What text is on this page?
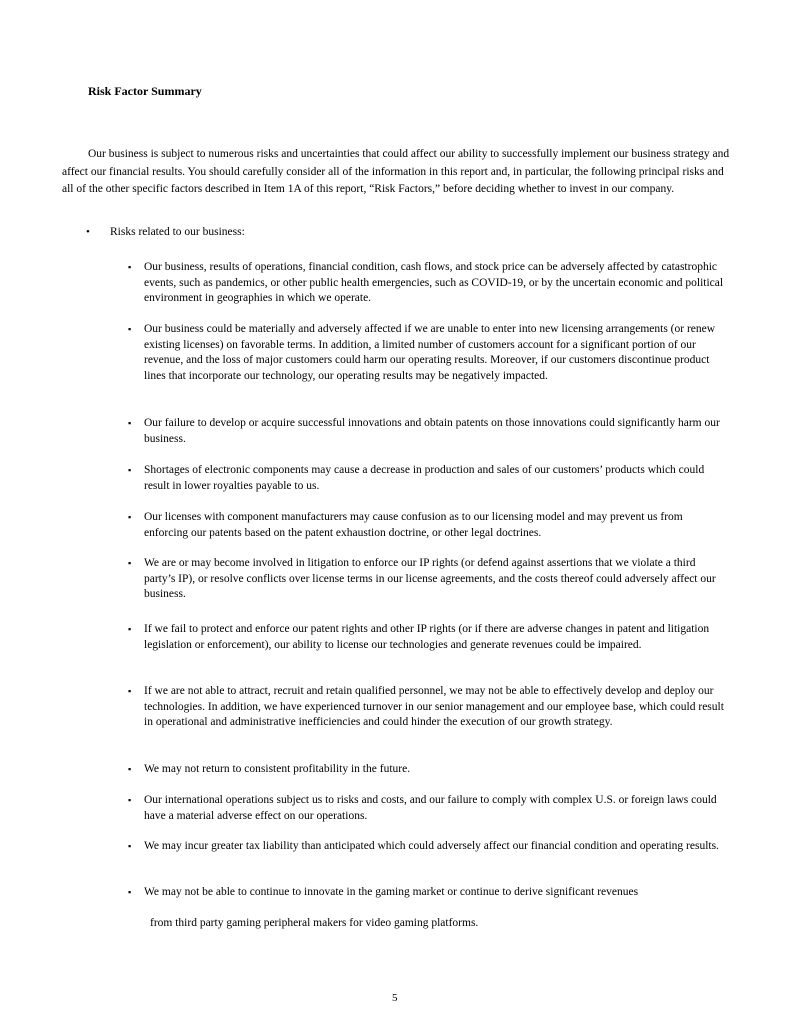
Risk Factor Summary

Our business is subject to numerous risks and uncertainties that could affect our ability to successfully implement our business strategy and affect our financial results. You should carefully consider all of the information in this report and, in particular, the following principal risks and all of the other specific factors described in Item 1A of this report, “Risk Factors,” before deciding whether to invest in our company.

• Risks related to our business:
▪ Our business, results of operations, financial condition, cash flows, and stock price can be adversely affected by catastrophic events, such as pandemics, or other public health emergencies, such as COVID-19, or by the uncertain economic and political environment in geographies in which we operate.
▪ Our business could be materially and adversely affected if we are unable to enter into new licensing arrangements (or renew existing licenses) on favorable terms. In addition, a limited number of customers account for a significant portion of our revenue, and the loss of major customers could harm our operating results. Moreover, if our customers discontinue product lines that incorporate our technology, our operating results may be negatively impacted.
▪ Our failure to develop or acquire successful innovations and obtain patents on those innovations could significantly harm our business.
▪ Shortages of electronic components may cause a decrease in production and sales of our customers’ products which could result in lower royalties payable to us.
▪ Our licenses with component manufacturers may cause confusion as to our licensing model and may prevent us from enforcing our patents based on the patent exhaustion doctrine, or other legal doctrines.
▪ We are or may become involved in litigation to enforce our IP rights (or defend against assertions that we violate a third party’s IP), or resolve conflicts over license terms in our license agreements, and the costs thereof could adversely affect our business.
▪ If we fail to protect and enforce our patent rights and other IP rights (or if there are adverse changes in patent and litigation legislation or enforcement), our ability to license our technologies and generate revenues could be impaired.
▪ If we are not able to attract, recruit and retain qualified personnel, we may not be able to effectively develop and deploy our technologies. In addition, we have experienced turnover in our senior management and our employee base, which could result in operational and administrative inefficiencies and could hinder the execution of our growth strategy.
▪ We may not return to consistent profitability in the future.
▪ Our international operations subject us to risks and costs, and our failure to comply with complex U.S. or foreign laws could have a material adverse effect on our operations.
▪ We may incur greater tax liability than anticipated which could adversely affect our financial condition and operating results.
▪ We may not be able to continue to innovate in the gaming market or continue to derive significant revenues
from third party gaming peripheral makers for video gaming platforms.
5
